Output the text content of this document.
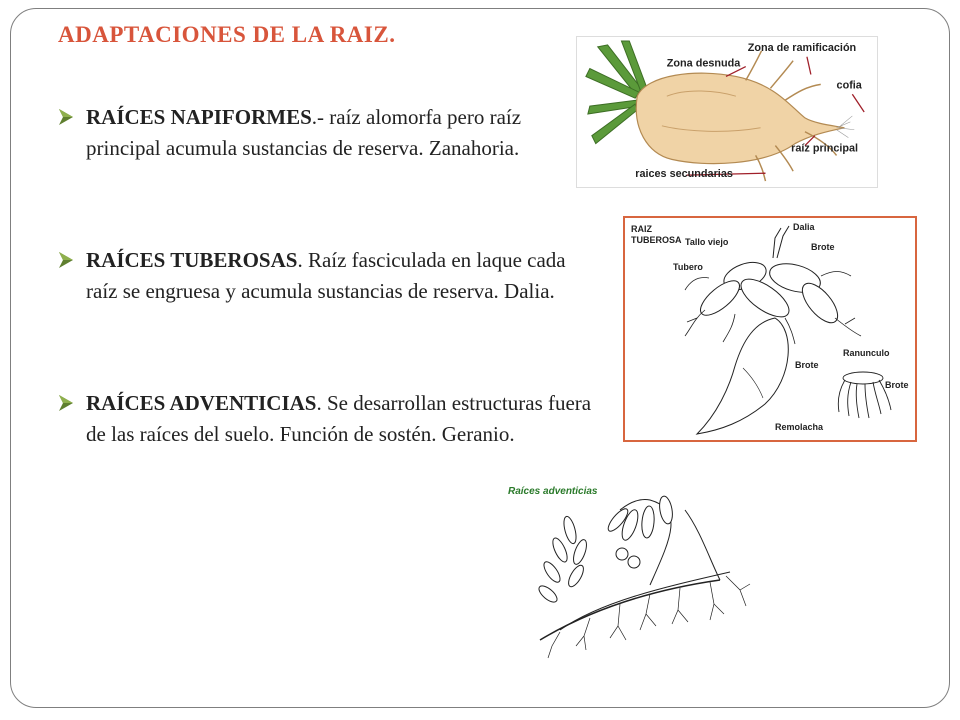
ADAPTACIONES DE LA RAIZ.
RAÍCES NAPIFORMES.- raíz alomorfa pero raíz principal acumula sustancias de reserva. Zanahoria.
RAÍCES TUBEROSAS. Raíz fasciculada en laque cada raíz se engruesa y acumula sustancias de reserva. Dalia.
RAÍCES ADVENTICIAS. Se desarrollan estructuras fuera de las raíces del suelo. Función de sostén. Geranio.
Zona desnuda
Zona de ramificación
cofia
raíz principal
raices secundarias
RAIZ
TUBEROSA Tallo viejo
Dalia
Brote
Tubero
Brote
Ranunculo
Brote
Remolacha
Raíces adventicias
